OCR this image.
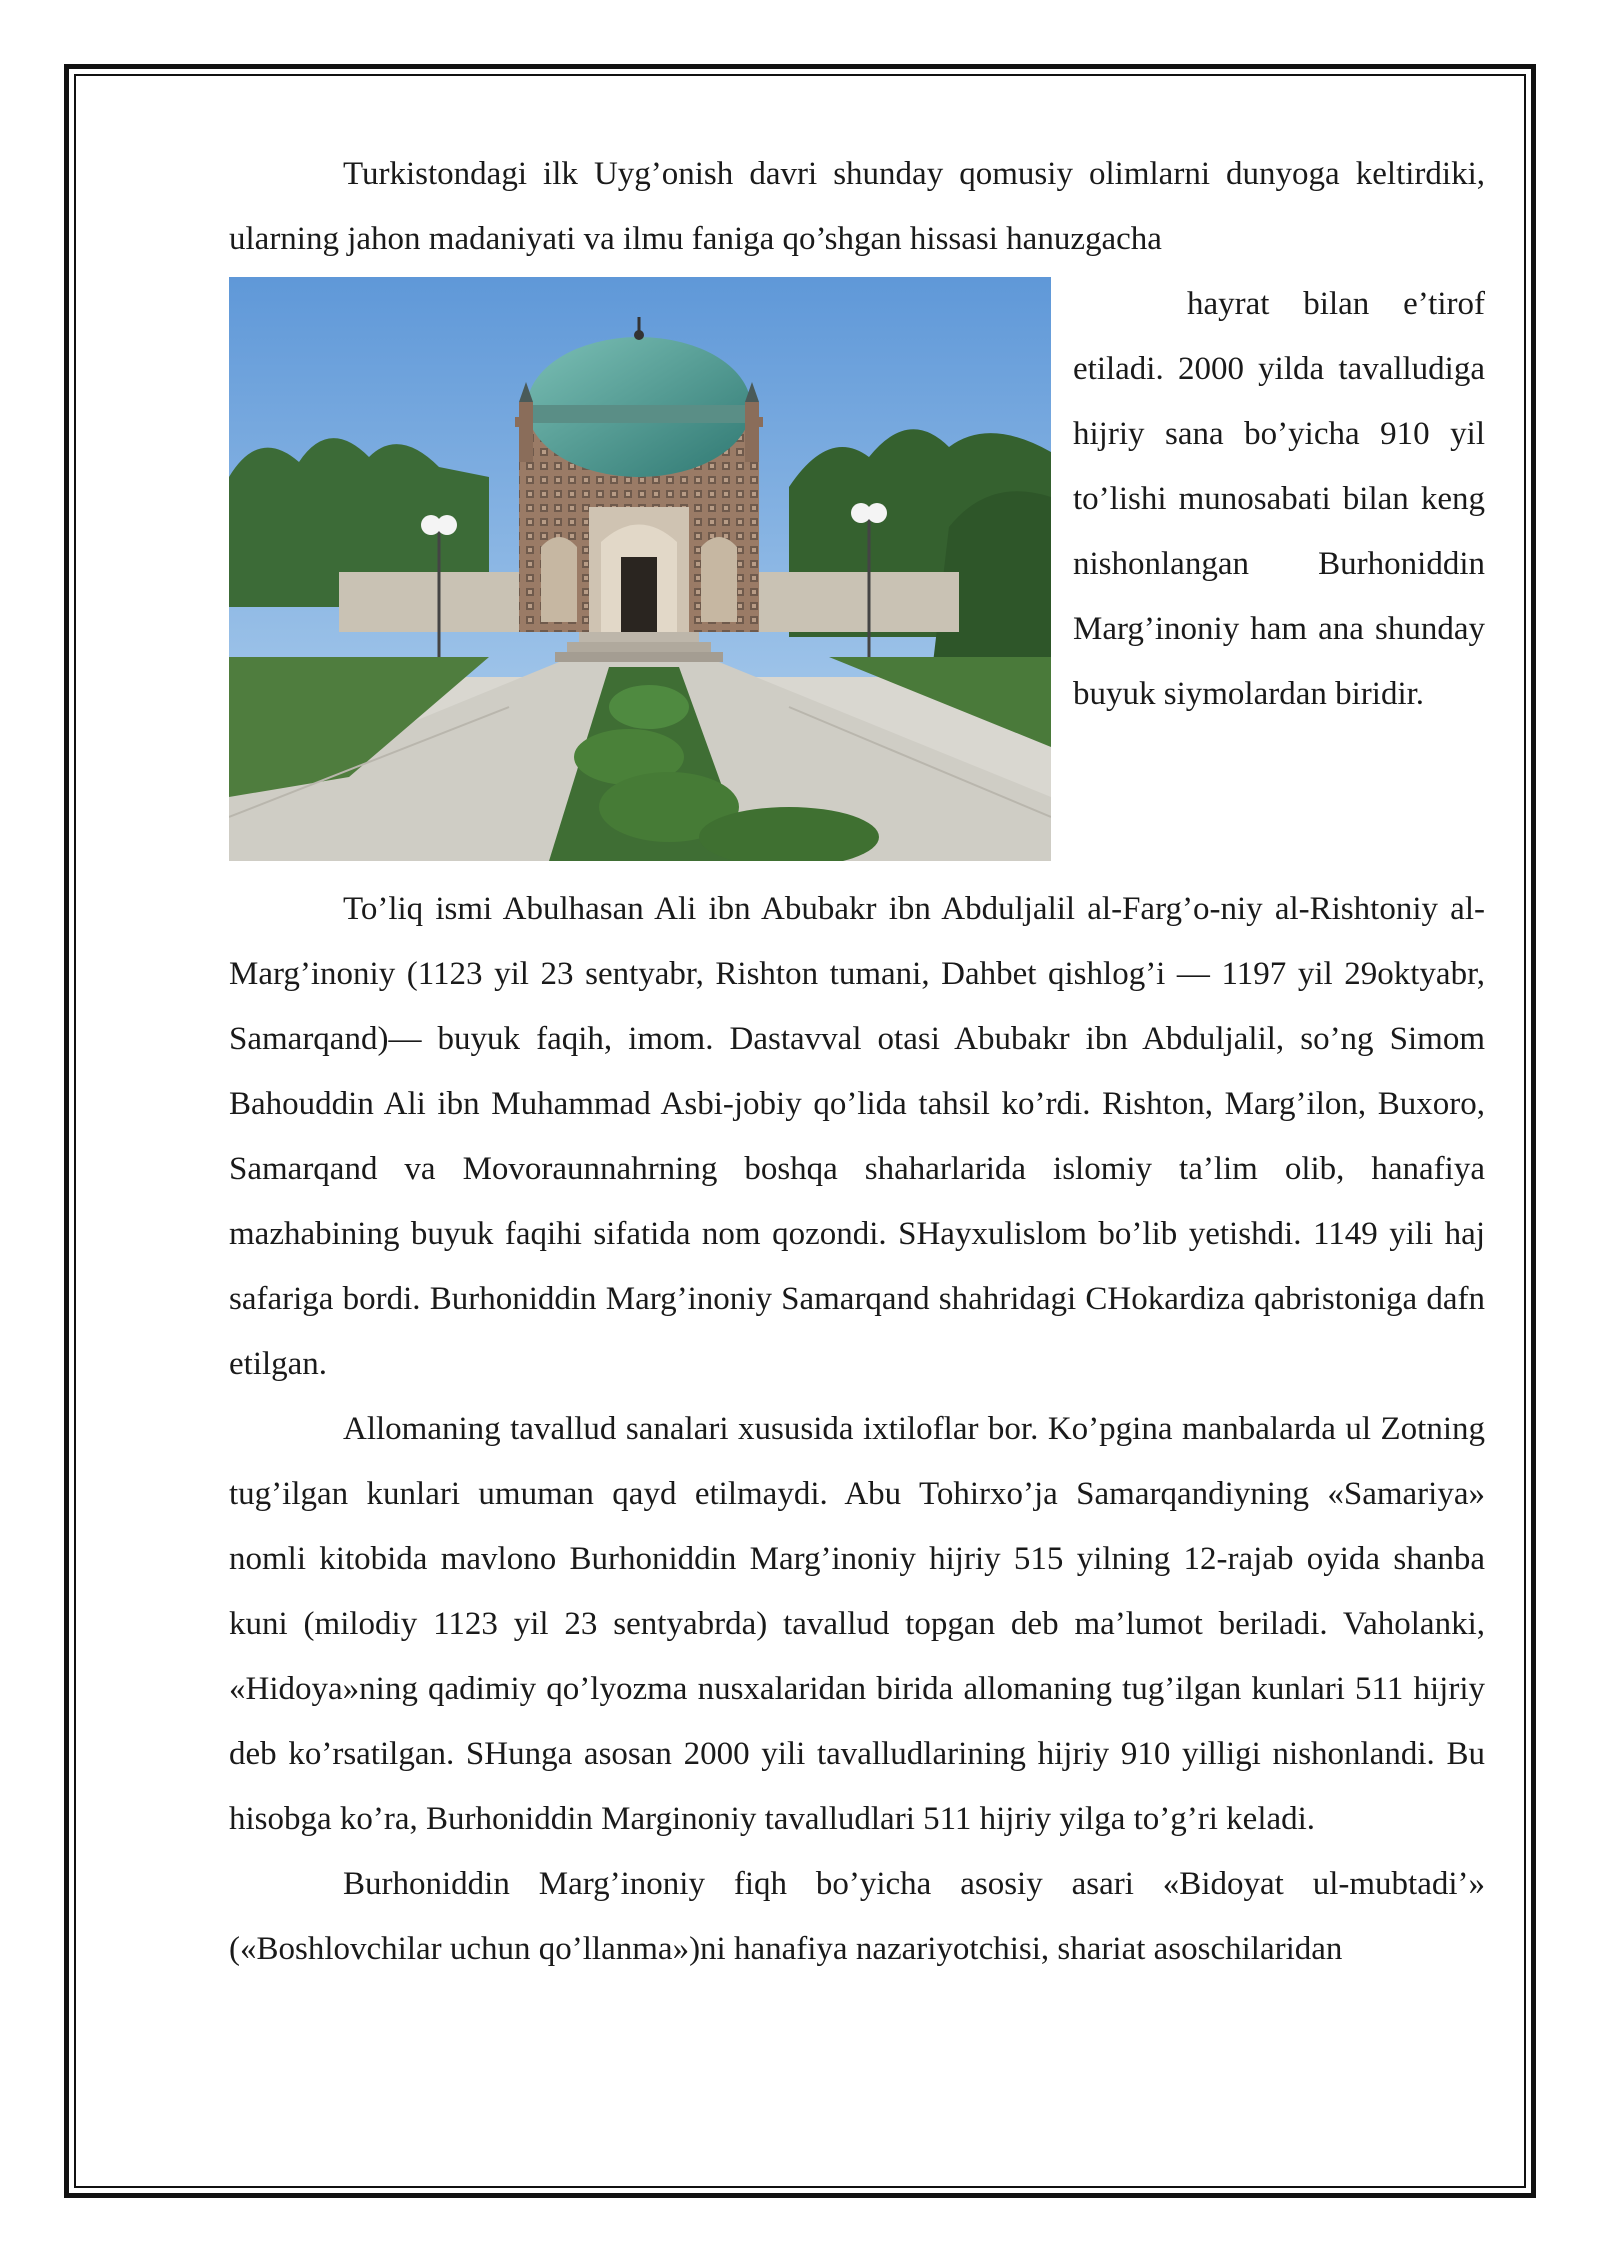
Turkistondagi ilk Uyg’onish davri shunday qomusiy olimlarni dunyoga keltirdiki, ularning jahon madaniyati va ilmu faniga qo’shgan hissasi hanuzgacha

hayrat bilan e’tirof etiladi. 2000 yilda tavalludiga hijriy sana bo’yicha 910 yil to’lishi munosabati bilan keng nishonlangan Burhoniddin Marg’inoniy ham ana shunday buyuk siymolardan biridir.

To’liq ismi Abulhasan Ali ibn Abubakr ibn Abduljalil al-Farg’o-niy al-Rishtoniy al-Marg’inoniy (1123 yil 23 sentyabr, Rishton tumani, Dahbet qishlog’i — 1197 yil 29oktyabr, Samarqand)— buyuk faqih, imom. Dastavval otasi Abubakr ibn Abduljalil, so’ng Simom Bahouddin Ali ibn Muhammad Asbi-jobiy qo’lida tahsil ko’rdi. Rishton, Marg’ilon, Buxoro, Samarqand va Movoraunnahrning boshqa shaharlarida islomiy ta’lim olib, hanafiya mazhabining buyuk faqihi sifatida nom qozondi. SHayxulislom bo’lib yetishdi. 1149 yili haj safariga bordi. Burhoniddin Marg’inoniy Samarqand shahridagi CHokardiza qabristoniga dafn etilgan.

Allomaning tavallud sanalari xususida ixtiloflar bor. Ko’pgina manbalarda ul Zotning tug’ilgan kunlari umuman qayd etilmaydi. Abu Tohirxo’ja Samarqandiyning «Samariya» nomli kitobida mavlono Burhoniddin Marg’inoniy hijriy 515 yilning 12-rajab oyida shanba kuni (milodiy 1123 yil 23 sentyabrda) tavallud topgan deb ma’lumot beriladi. Vaholanki, «Hidoya»ning qadimiy qo’lyozma nusxalaridan birida allomaning tug’ilgan kunlari 511 hijriy deb ko’rsatilgan. SHunga asosan 2000 yili tavalludlarining hijriy 910 yilligi nishonlandi. Bu hisobga ko’ra, Burhoniddin Marginoniy tavalludlari 511 hijriy yilga to’g’ri keladi.

Burhoniddin Marg’inoniy fiqh bo’yicha asosiy asari «Bidoyat ul-mubtadi’» («Boshlovchilar uchun qo’llanma»)ni hanafiya nazariyotchisi, shariat asoschilaridan
